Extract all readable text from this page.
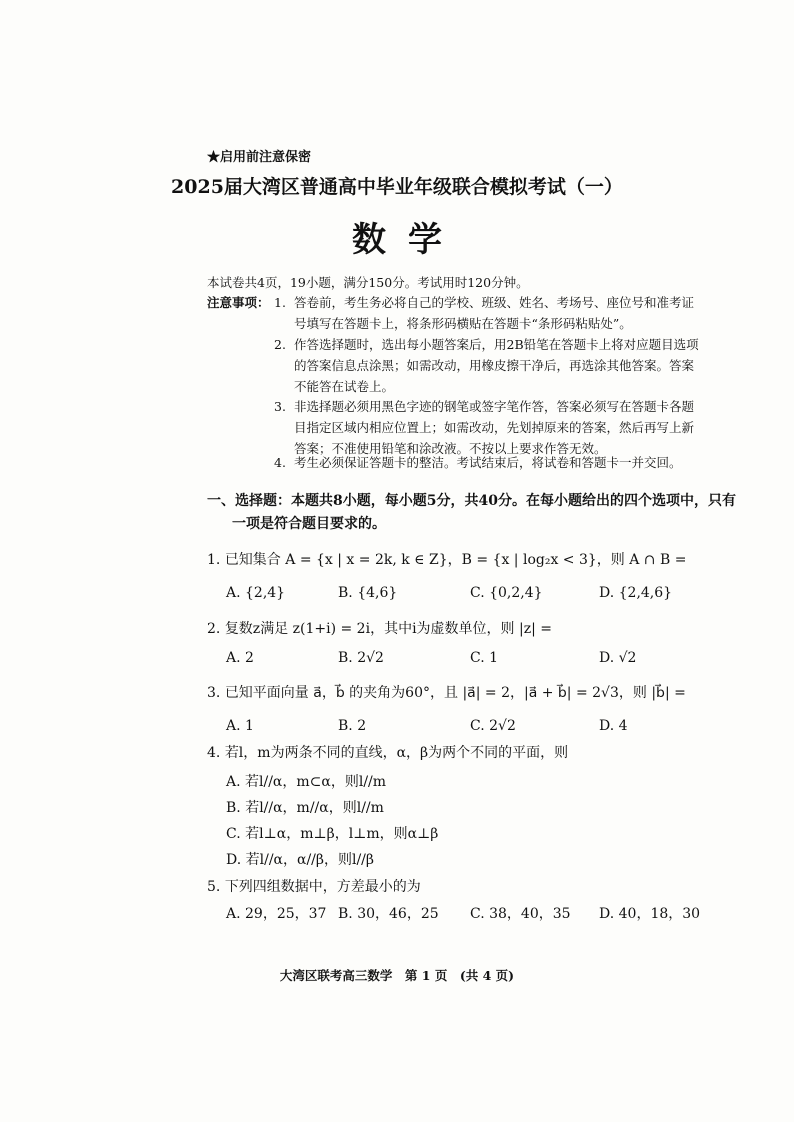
★启用前注意保密
2025届大湾区普通高中毕业年级联合模拟考试（一）
数学
本试卷共4页，19小题，满分150分。考试用时120分钟。
注意事项： 1. 答卷前，考生务必将自己的学校、班级、姓名、考场号、座位号和准考证
号填写在答题卡上，将条形码横贴在答题卡“条形码粘贴处”。
2. 作答选择题时，选出每小题答案后，用2B铅笔在答题卡上将对应题目选项
的答案信息点涂黑；如需改动，用橡皮擦干净后，再选涂其他答案。答案
不能答在试卷上。
3. 非选择题必须用黑色字迹的钢笔或签字笔作答，答案必须写在答题卡各题
目指定区域内相应位置上；如需改动，先划掉原来的答案，然后再写上新
答案；不准使用铅笔和涂改液。不按以上要求作答无效。
4. 考生必须保证答题卡的整洁。考试结束后，将试卷和答题卡一并交回。
一、选择题：本题共8小题，每小题5分，共40分。在每小题给出的四个选项中，只有
一项是符合题目要求的。
1. 已知集合 A = {x | x = 2k, k ∈ Z}，B = {x | log₂x < 3}，则 A ∩ B =
A. {2,4}	B. {4,6}	C. {0,2,4}	D. {2,4,6}
2. 复数z满足 z(1+i) = 2i，其中i为虚数单位，则 |z| =
A. 2	B. 2√2	C. 1	D. √2
3. 已知平面向量 a⃗，b⃗ 的夹角为60°，且 |a⃗| = 2，|a⃗ + b⃗| = 2√3，则 |b⃗| =
A. 1	B. 2	C. 2√2	D. 4
4. 若l，m为两条不同的直线，α，β为两个不同的平面，则
A. 若l//α，m⊂α，则l//m
B. 若l//α，m//α，则l//m
C. 若l⊥α，m⊥β，l⊥m，则α⊥β
D. 若l//α，α//β，则l//β
5. 下列四组数据中，方差最小的为
A. 29，25，37 B. 30，46，25 C. 38，40，35 D. 40，18，30
大湾区联考高三数学　第 1 页　(共 4 页)
